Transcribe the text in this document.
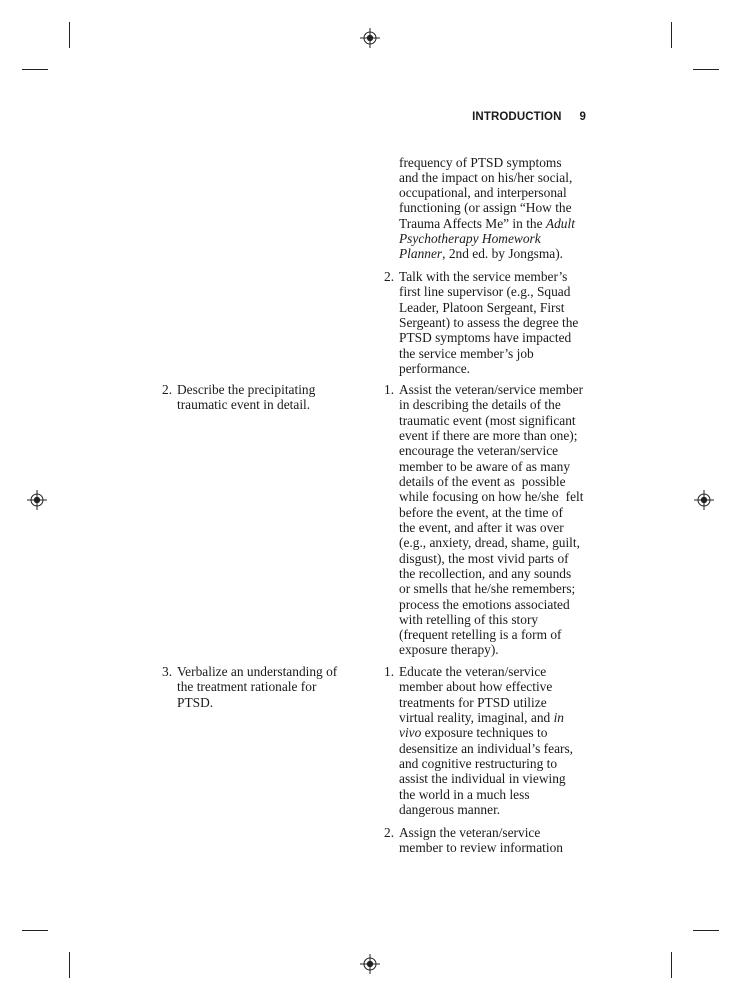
INTRODUCTION 9
frequency of PTSD symptoms
and the impact on his/her social,
occupational, and interpersonal
functioning (or assign “How the
Trauma Affects Me” in the Adult
Psychotherapy Homework
Planner, 2nd ed. by Jongsma).
2. Talk with the service member’s
first line supervisor (e.g., Squad
Leader, Platoon Sergeant, First
Sergeant) to assess the degree the
PTSD symptoms have impacted
the service member’s job
performance.
2. Describe the precipitating
traumatic event in detail.
1. Assist the veteran/service member
in describing the details of the
traumatic event (most significant
event if there are more than one);
encourage the veteran/service
member to be aware of as many
details of the event as  possible
while focusing on how he/she  felt
before the event, at the time of
the event, and after it was over
(e.g., anxiety, dread, shame, guilt,
disgust), the most vivid parts of
the recollection, and any sounds
or smells that he/she remembers;
process the emotions associated
with retelling of this story
(frequent retelling is a form of
exposure therapy).
3. Verbalize an understanding of
the treatment rationale for
PTSD.
1. Educate the veteran/service
member about how effective
treatments for PTSD utilize
virtual reality, imaginal, and in
vivo exposure techniques to
desensitize an individual’s fears,
and cognitive restructuring to
assist the individual in viewing
the world in a much less
dangerous manner.
2. Assign the veteran/service
member to review information
